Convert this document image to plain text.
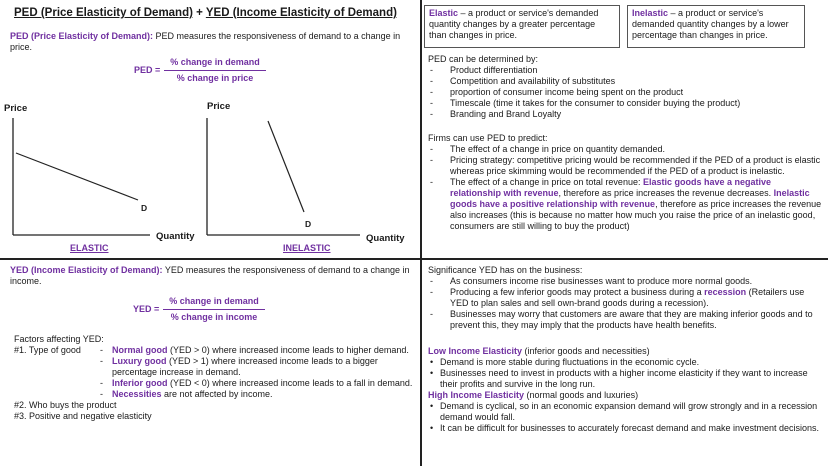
PED (Price Elasticity of Demand) + YED (Income Elasticity of Demand)
PED (Price Elasticity of Demand): PED measures the responsiveness of demand to a change in price.
PED = $\frac{\text{\% change in demand}}{\text{\% change in price}}$
Price
D
Quantity
ELASTIC
Price
D
Quantity
INELASTIC
YED (Income Elasticity of Demand): YED measures the responsiveness of demand to a change in income.
YED = $\frac{\text{\% change in demand}}{\text{\% change in income}}$
Factors affecting YED:
#1. Type of good
-	Normal good (YED > 0) where increased income leads to higher demand.
- Luxury good (YED > 1) where increased income leads to a bigger percentage increase in demand.
- Inferior good (YED < 0) where increased income leads to a fall in demand.
- Necessities are not affected by income.
#2. Who buys the product
#3. Positive and negative elasticity
Elastic – a product or service's demanded quantity changes by a greater percentage than changes in price.
Inelastic – a product or service's demanded quantity changes by a lower percentage than changes in price.
PED can be determined by:
- Product differentiation
- Competition and availability of substitutes
- proportion of consumer income being spent on the product
- Timescale (time it takes for the consumer to consider buying the product)
- Branding and Brand Loyalty
Firms can use PED to predict:
- The effect of a change in price on quantity demanded.
- Pricing strategy: competitive pricing would be recommended if the PED of a product is elastic whereas price skimming would be recommended if the PED of a product is inelastic.
- The effect of a change in price on total revenue: Elastic goods have a negative relationship with revenue, therefore as price increases the revenue decreases. Inelastic goods have a positive relationship with revenue, therefore as price increases the revenue also increases (this is because no matter how much you raise the price of an inelastic good, consumers are still willing to buy the product)
Significance YED has on the business:
- As consumers income rise businesses want to produce more normal goods.
- Producing a few inferior goods may protect a business during a recession (Retailers use YED to plan sales and sell own-brand goods during a recession).
- Businesses may worry that customers are aware that they are making inferior goods and to prevent this, they may imply that the products have health benefits.
Low Income Elasticity (inferior goods and necessities)
• Demand is more stable during fluctuations in the economic cycle.
• Businesses need to invest in products with a higher income elasticity if they want to increase their profits and survive in the long run.
High Income Elasticity (normal goods and luxuries)
• Demand is cyclical, so in an economic expansion demand will grow strongly and in a recession demand would fall.
• It can be difficult for businesses to accurately forecast demand and make investment decisions.
